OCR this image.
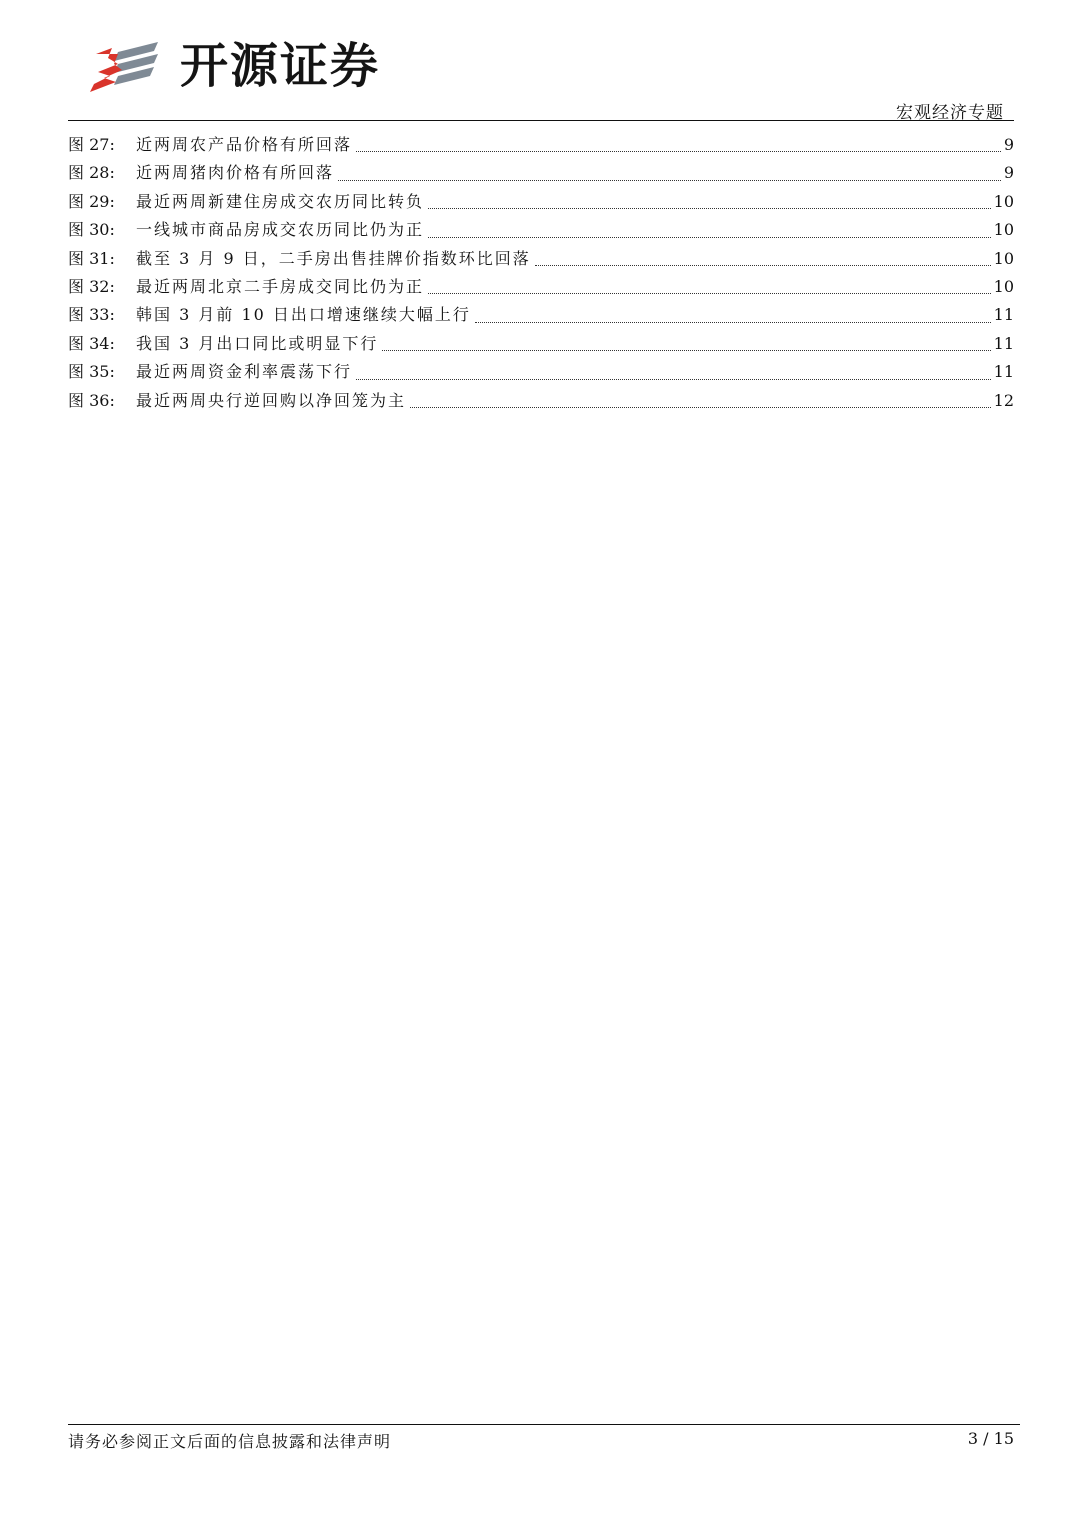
开源证券
宏观经济专题
图 27:	近两周农产品价格有所回落	9
图 28:	近两周猪肉价格有所回落	9
图 29:	最近两周新建住房成交农历同比转负	10
图 30:	一线城市商品房成交农历同比仍为正	10
图 31:	截至 3 月 9 日，二手房出售挂牌价指数环比回落	10
图 32:	最近两周北京二手房成交同比仍为正	10
图 33:	韩国 3 月前 10 日出口增速继续大幅上行	11
图 34:	我国 3 月出口同比或明显下行	11
图 35:	最近两周资金利率震荡下行	11
图 36:	最近两周央行逆回购以净回笼为主	12
请务必参阅正文后面的信息披露和法律声明	3 / 15
